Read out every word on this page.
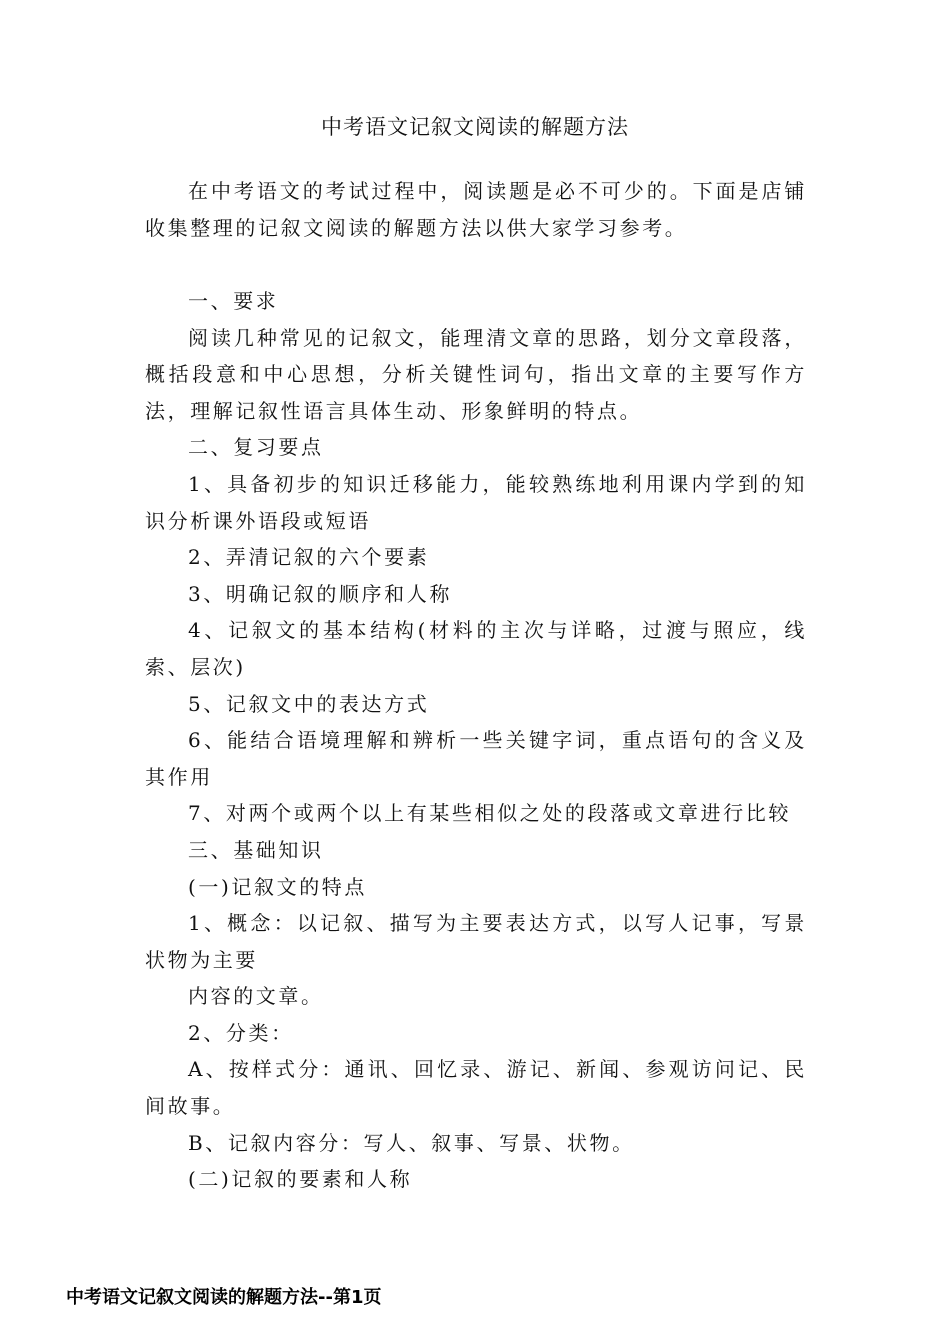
中考语文记叙文阅读的解题方法

在中考语文的考试过程中，阅读题是必不可少的。下面是店铺收集整理的记叙文阅读的解题方法以供大家学习参考。

一、要求

阅读几种常见的记叙文，能理清文章的思路，划分文章段落，概括段意和中心思想，分析关键性词句，指出文章的主要写作方法，理解记叙性语言具体生动、形象鲜明的特点。

二、复习要点

1、具备初步的知识迁移能力，能较熟练地利用课内学到的知识分析课外语段或短语

2、弄清记叙的六个要素

3、明确记叙的顺序和人称

4、记叙文的基本结构(材料的主次与详略，过渡与照应，线索、层次)

5、记叙文中的表达方式

6、能结合语境理解和辨析一些关键字词，重点语句的含义及其作用

7、对两个或两个以上有某些相似之处的段落或文章进行比较

三、基础知识

(一)记叙文的特点

1、概念：以记叙、描写为主要表达方式，以写人记事，写景状物为主要

内容的文章。

2、分类：

A、按样式分：通讯、回忆录、游记、新闻、参观访问记、民间故事。

B、记叙内容分：写人、叙事、写景、状物。

(二)记叙的要素和人称

中考语文记叙文阅读的解题方法--第1页
